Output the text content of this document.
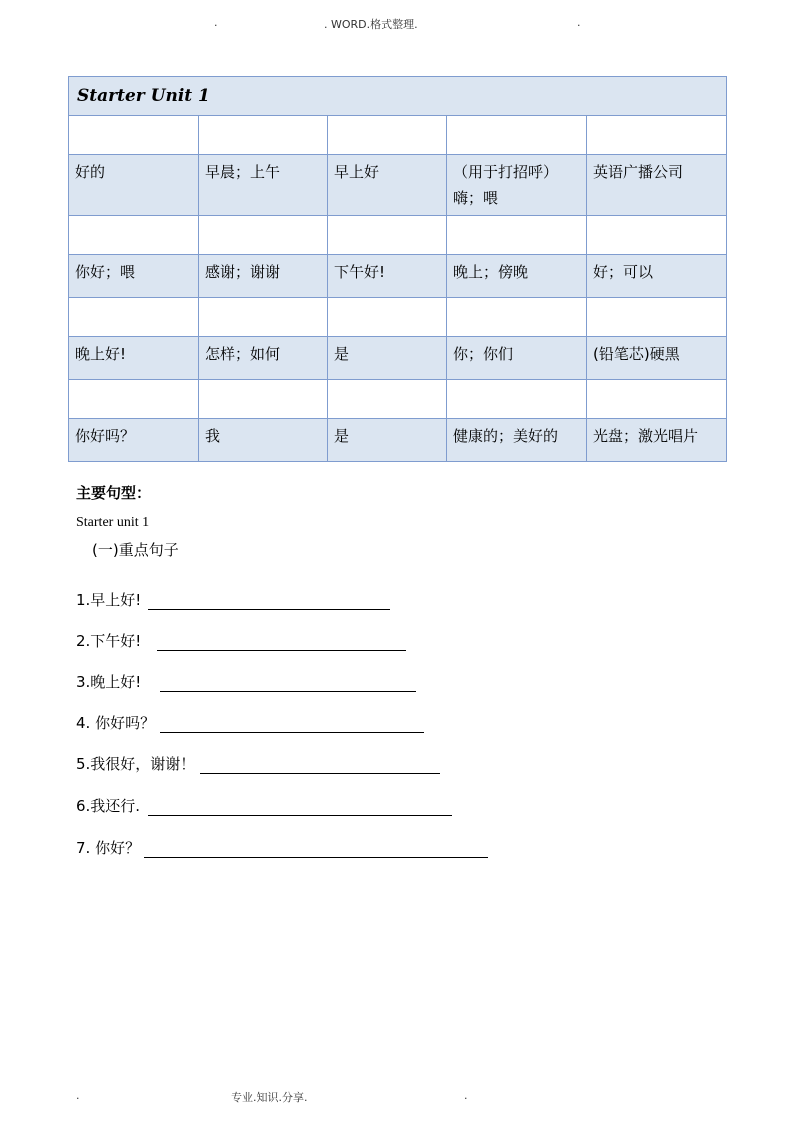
.	. WORD.格式整理.	.
Starter Unit 1				

好的	早晨；上午	早上好	（用于打招呼）嗨；喂	英语广播公司

你好；喂	感谢；谢谢	下午好!	晚上；傍晚	好；可以

晚上好!	怎样；如何	是	你；你们	(铅笔芯)硬黑

你好吗？	我	是	健康的；美好的	光盘；激光唱片
主要句型：
Starter unit 1
(一)重点句子
1.早上好!
2.下午好!
3.晚上好!
4. 你好吗？
5.我很好，谢谢！
6.我还行.
7. 你好？
.	专业.知识.分享.	.
